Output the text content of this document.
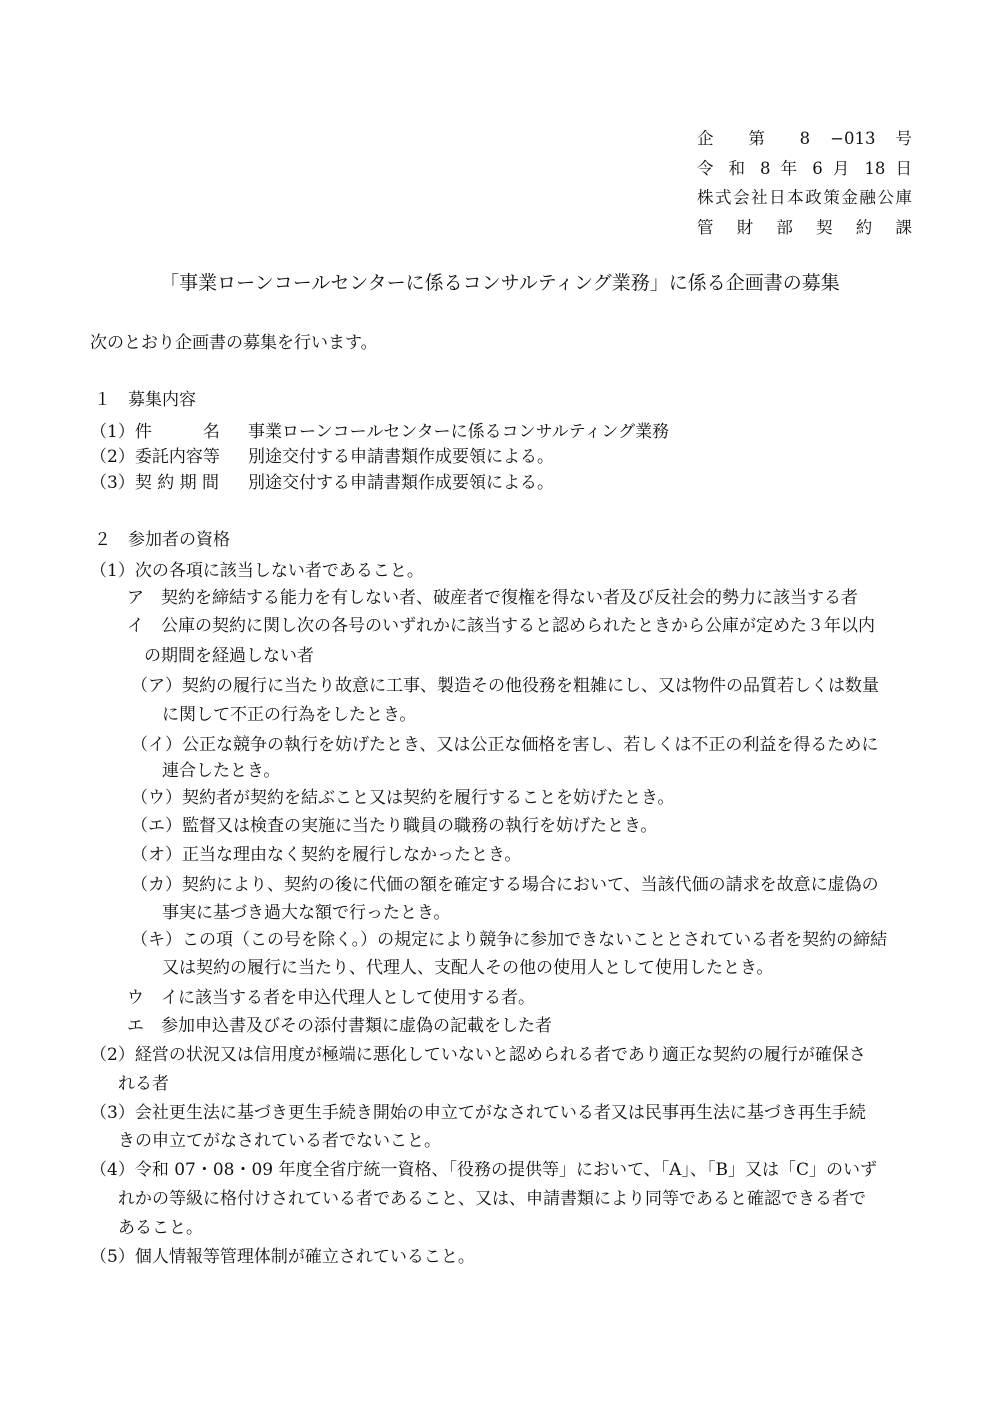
企 第 8 −013 号
令 和 8 年 6 月 18 日
株式会社日本政策金融公庫
管 財 部 契 約 課
「事業ローンコールセンターに係るコンサルティング業務」に係る企画書の募集
次のとおり企画書の募集を行います。
１　募集内容
（1）件　　　名 事業ローンコールセンターに係るコンサルティング業務
（2）委託内容等 別途交付する申請書類作成要領による。
（3）契 約 期 間 別途交付する申請書類作成要領による。
２　参加者の資格
（1）次の各項に該当しない者であること。
ア　契約を締結する能力を有しない者、破産者で復権を得ない者及び反社会的勢力に該当する者
イ　公庫の契約に関し次の各号のいずれかに該当すると認められたときから公庫が定めた３年以内
の期間を経過しない者
（ア）契約の履行に当たり故意に工事、製造その他役務を粗雑にし、又は物件の品質若しくは数量
に関して不正の行為をしたとき。
（イ）公正な競争の執行を妨げたとき、又は公正な価格を害し、若しくは不正の利益を得るために
連合したとき。
（ウ）契約者が契約を結ぶこと又は契約を履行することを妨げたとき。
（エ）監督又は検査の実施に当たり職員の職務の執行を妨げたとき。
（オ）正当な理由なく契約を履行しなかったとき。
（カ）契約により、契約の後に代価の額を確定する場合において、当該代価の請求を故意に虚偽の
事実に基づき過大な額で行ったとき。
（キ）この項（この号を除く。）の規定により競争に参加できないこととされている者を契約の締結
又は契約の履行に当たり、代理人、支配人その他の使用人として使用したとき。
ウ　イに該当する者を申込代理人として使用する者。
エ　参加申込書及びその添付書類に虚偽の記載をした者
（2）経営の状況又は信用度が極端に悪化していないと認められる者であり適正な契約の履行が確保さ
れる者
（3）会社更生法に基づき更生手続き開始の申立てがなされている者又は民事再生法に基づき再生手続
きの申立てがなされている者でないこと。
（4）令和 07・08・09 年度全省庁統一資格、「役務の提供等」において、「A」、「B」又は「C」のいず
れかの等級に格付けされている者であること、又は、申請書類により同等であると確認できる者で
あること。
（5）個人情報等管理体制が確立されていること。
